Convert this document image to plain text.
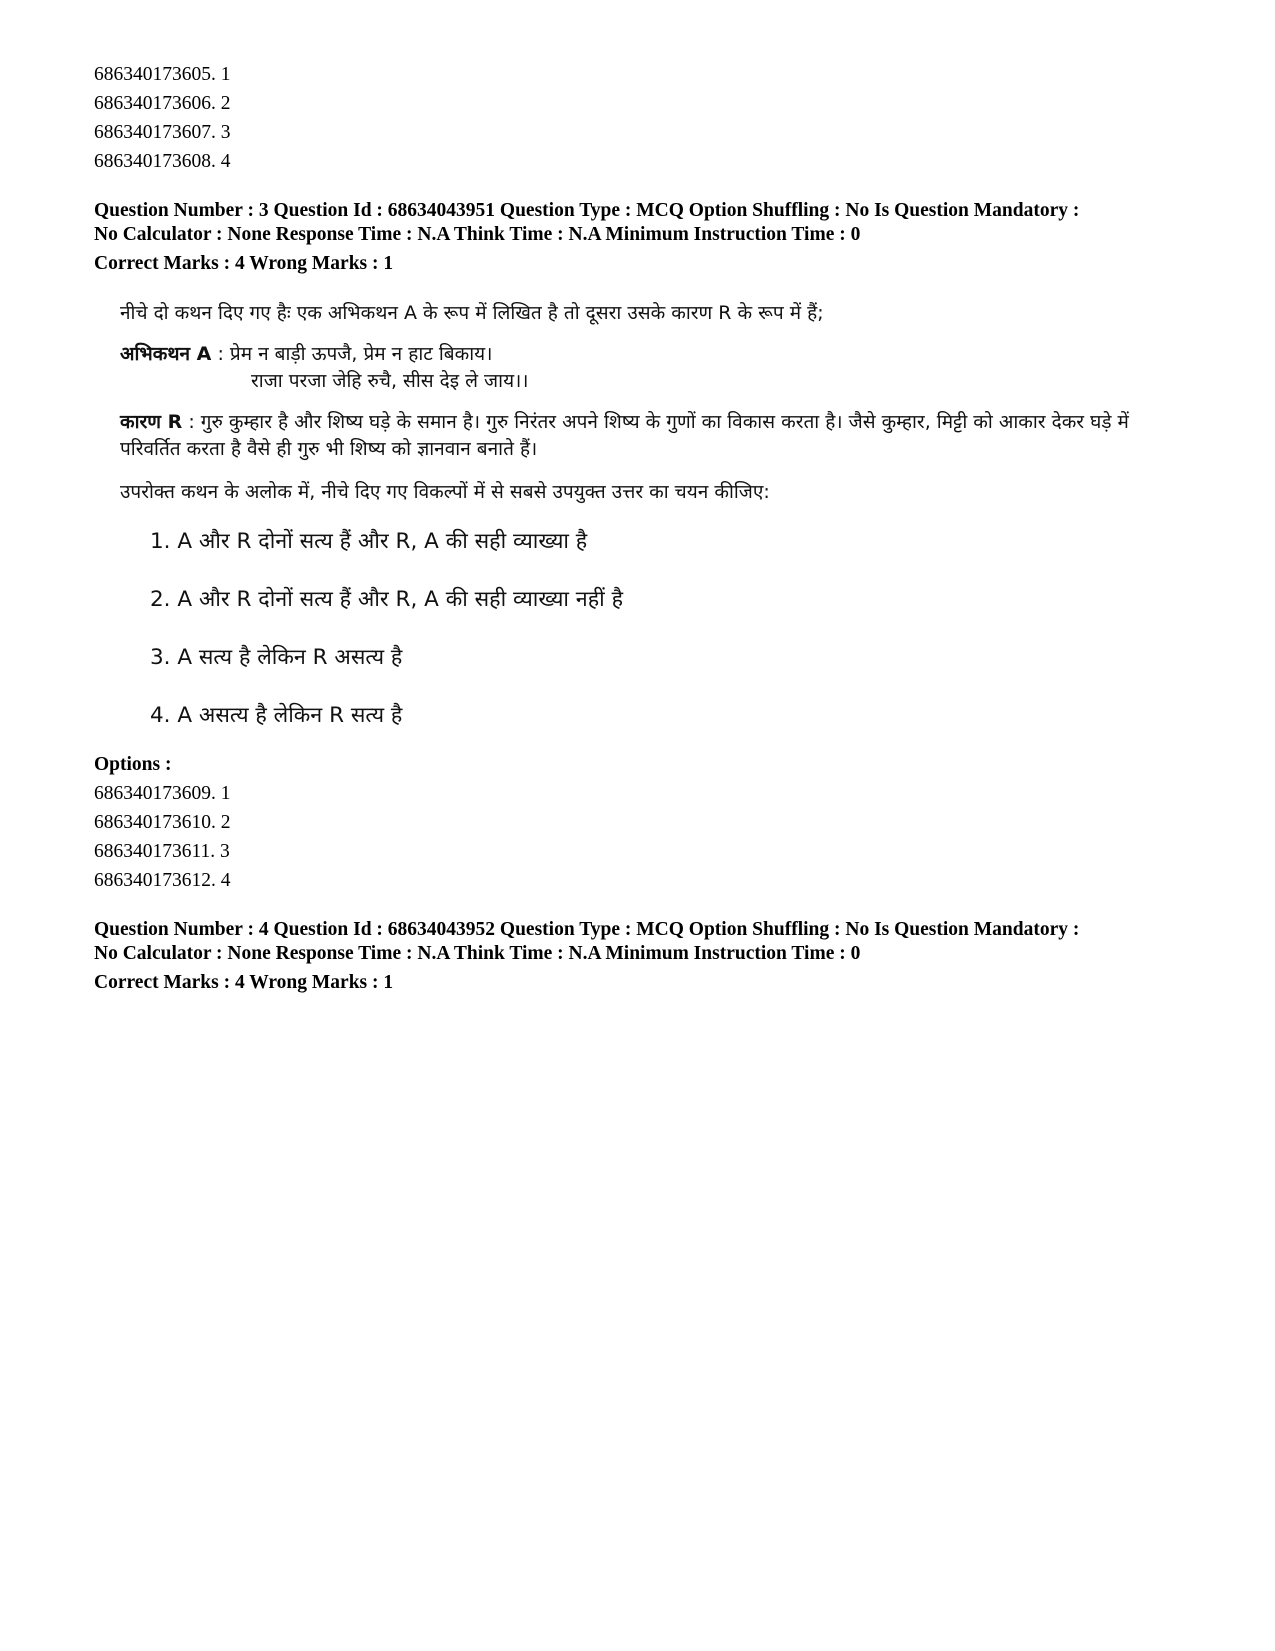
686340173605. 1
686340173606. 2
686340173607. 3
686340173608. 4
Question Number : 3 Question Id : 68634043951 Question Type : MCQ Option Shuffling : No Is Question Mandatory :
No Calculator : None Response Time : N.A Think Time : N.A Minimum Instruction Time : 0
Correct Marks : 4 Wrong Marks : 1
नीचे दो कथन दिए गए हैः एक अभिकथन A के रूप में लिखित है तो दूसरा उसके कारण R के रूप में हैं;
अभिकथन A : प्रेम न बाड़ी ऊपजै, प्रेम न हाट बिकाय।
राजा परजा जेहि रुचै, सीस देइ ले जाय।।
कारण R : गुरु कुम्हार है और शिष्य घड़े के समान है। गुरु निरंतर अपने शिष्य के गुणों का विकास करता है। जैसे कुम्हार, मिट्टी को आकार देकर घड़े में परिवर्तित करता है वैसे ही गुरु भी शिष्य को ज्ञानवान बनाते हैं।
उपरोक्त कथन के अलोक में, नीचे दिए गए विकल्पों में से सबसे उपयुक्त उत्तर का चयन कीजिए:
1. A और R दोनों सत्य हैं और R, A की सही व्याख्या है
2. A और R दोनों सत्य हैं और R, A की सही व्याख्या नहीं है
3. A सत्य है लेकिन R असत्य है
4. A असत्य है लेकिन R सत्य है
Options :
686340173609. 1
686340173610. 2
686340173611. 3
686340173612. 4
Question Number : 4 Question Id : 68634043952 Question Type : MCQ Option Shuffling : No Is Question Mandatory :
No Calculator : None Response Time : N.A Think Time : N.A Minimum Instruction Time : 0
Correct Marks : 4 Wrong Marks : 1
